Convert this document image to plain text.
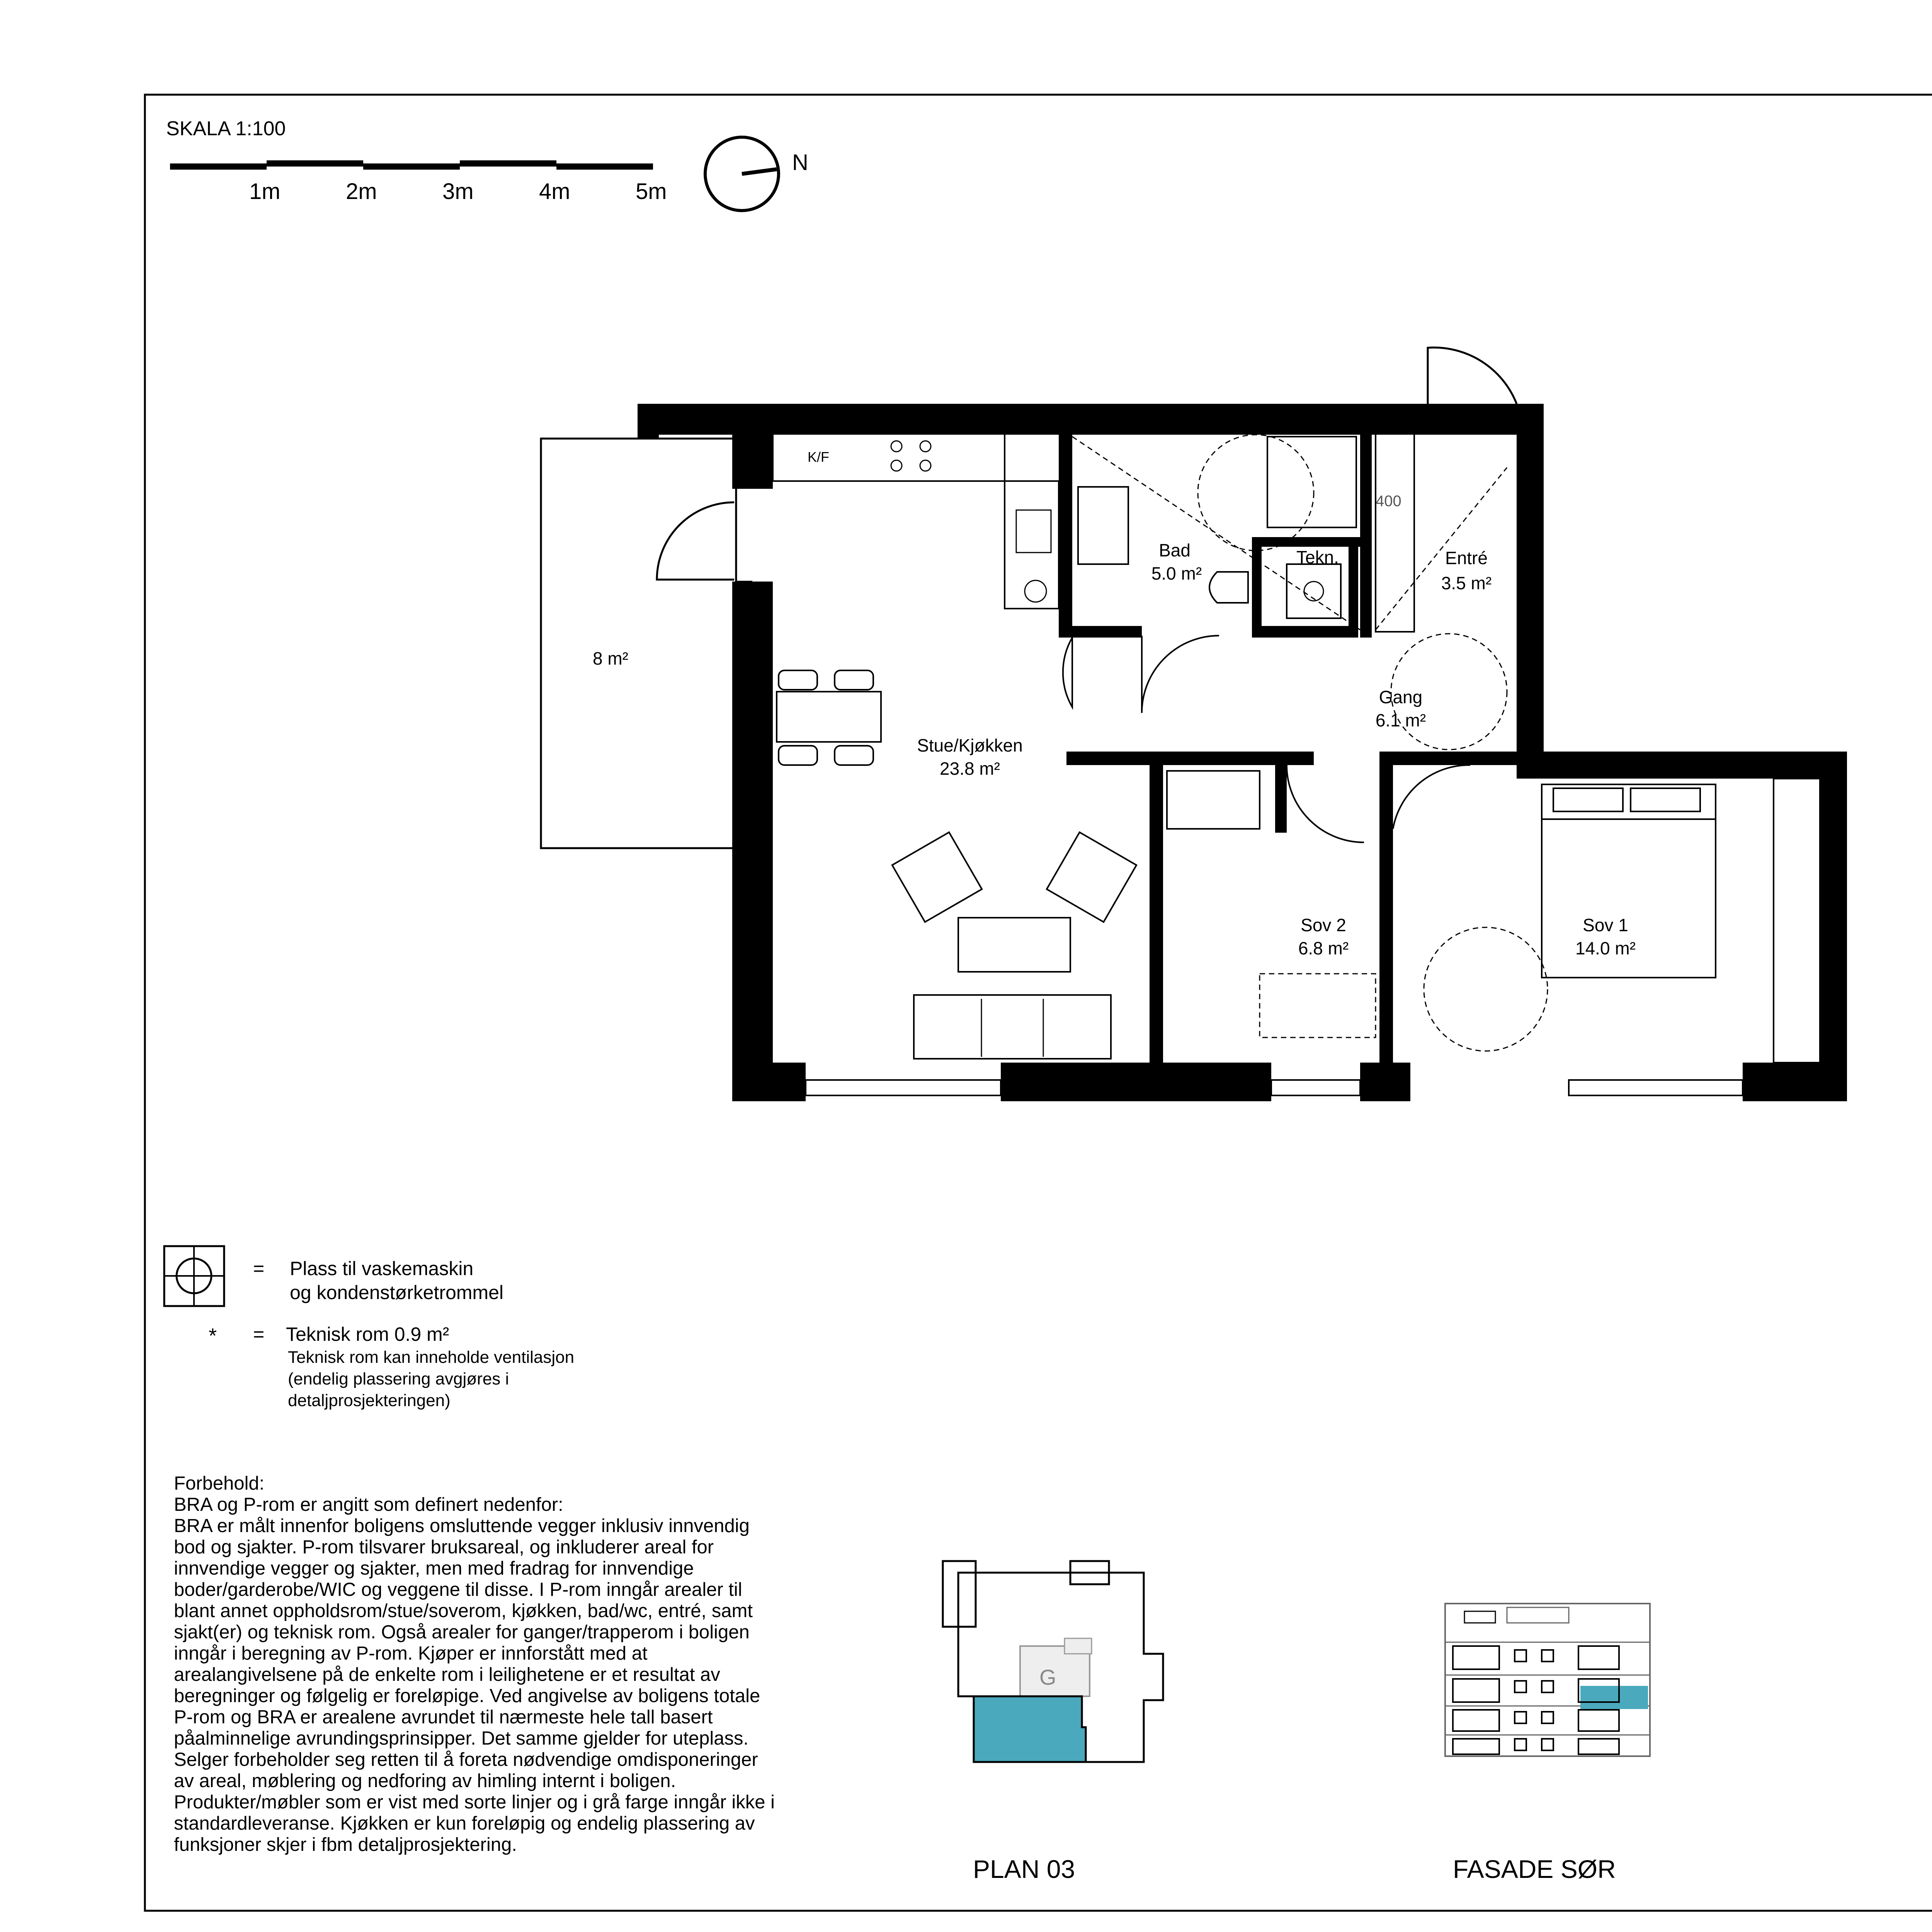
SKALA 1:100
1m	2m	3m	4m	5m
N
8 m²
Bad
5.0 m²
Tekn.	Entré
3.5 m²
Gang
6.1 m²
Stue/Kjøkken
23.8 m²
Sov 2
6.8 m²
Sov 1
14.0 m²
400
K/F
= Plass til vaskemaskin
og kondenstørketrommel
* = Teknisk rom 0.9 m²
Teknisk rom kan inneholde ventilasjon
(endelig plassering avgjøres i
detaljprosjekteringen)
Forbehold:
BRA og P-rom er angitt som definert nedenfor:
BRA er målt innenfor boligens omsluttende vegger inklusiv innvendig
bod og sjakter. P-rom tilsvarer bruksareal, og inkluderer areal for
innvendige vegger og sjakter, men med fradrag for innvendige
boder/garderobe/WIC og veggene til disse. I P-rom inngår arealer til
blant annet oppholdsrom/stue/soverom, kjøkken, bad/wc, entré, samt
sjakt(er) og teknisk rom. Også arealer for ganger/trapperom i boligen
inngår i beregning av P-rom. Kjøper er innforstått med at
arealangivelsene på de enkelte rom i leilighetene er et resultat av
beregninger og følgelig er foreløpige. Ved angivelse av boligens totale
P-rom og BRA er arealene avrundet til nærmeste hele tall basert
påalminnelige avrundingsprinsipper. Det samme gjelder for uteplass.
Selger forbeholder seg retten til å foreta nødvendige omdisponeringer
av areal, møblering og nedforing av himling internt i boligen.
Produkter/møbler som er vist med sorte linjer og i grå farge inngår ikke i
standardleveranse. Kjøkken er kun foreløpig og endelig plassering av
funksjoner skjer i fbm detaljprosjektering.
G
PLAN 03	FASADE SØR
